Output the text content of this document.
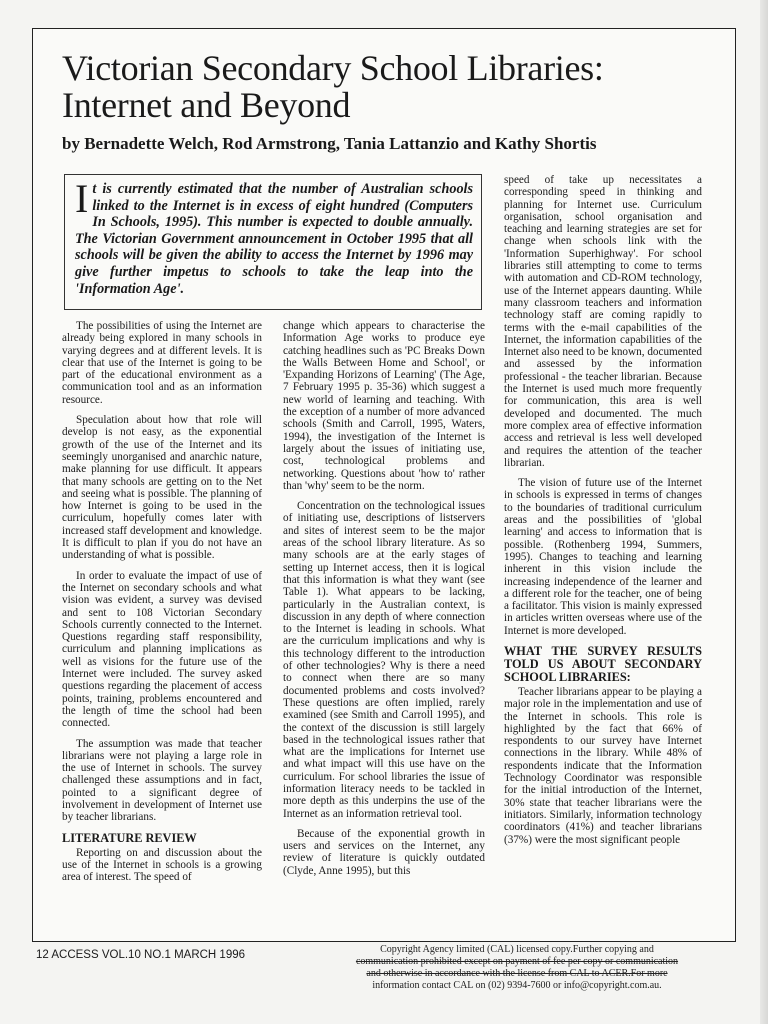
Victorian Secondary School Libraries: Internet and Beyond
by Bernadette Welch, Rod Armstrong, Tania Lattanzio and Kathy Shortis
It is currently estimated that the number of Australian schools linked to the Internet is in excess of eight hundred (Computers In Schools, 1995). This number is expected to double annually. The Victorian Government announcement in October 1995 that all schools will be given the ability to access the Internet by 1996 may give further impetus to schools to take the leap into the 'Information Age'.

The possibilities of using the Internet are already being explored in many schools in varying degrees and at different levels. It is clear that use of the Internet is going to be part of the educational environment as a communication tool and as an information resource.

Speculation about how that role will develop is not easy, as the exponential growth of the use of the Internet and its seemingly unorganised and anarchic nature, make planning for use difficult. It appears that many schools are getting on to the Net and seeing what is possible. The planning of how Internet is going to be used in the curriculum, hopefully comes later with increased staff development and knowledge. It is difficult to plan if you do not have an understanding of what is possible.

In order to evaluate the impact of use of the Internet on secondary schools and what vision was evident, a survey was devised and sent to 108 Victorian Secondary Schools currently connected to the Internet. Questions regarding staff responsibility, curriculum and planning implications as well as visions for the future use of the Internet were included. The survey asked questions regarding the placement of access points, training, problems encountered and the length of time the school had been connected.

The assumption was made that teacher librarians were not playing a large role in the use of Internet in schools. The survey challenged these assumptions and in fact, pointed to a significant degree of involvement in development of Internet use by teacher librarians.

LITERATURE REVIEW

Reporting on and discussion about the use of the Internet in schools is a growing area of interest. The speed of

change which appears to characterise the Information Age works to produce eye catching headlines such as 'PC Breaks Down the Walls Between Home and School', or 'Expanding Horizons of Learning' (The Age, 7 February 1995 p. 35-36) which suggest a new world of learning and teaching. With the exception of a number of more advanced schools (Smith and Carroll, 1995, Waters, 1994), the investigation of the Internet is largely about the issues of initiating use, cost, technological problems and networking. Questions about 'how to' rather than 'why' seem to be the norm.

Concentration on the technological issues of initiating use, descriptions of listservers and sites of interest seem to be the major areas of the school library literature. As so many schools are at the early stages of setting up Internet access, then it is logical that this information is what they want (see Table 1). What appears to be lacking, particularly in the Australian context, is discussion in any depth of where connection to the Internet is leading in schools. What are the curriculum implications and why is this technology different to the introduction of other technologies? Why is there a need to connect when there are so many documented problems and costs involved? These questions are often implied, rarely examined (see Smith and Carroll 1995), and the context of the discussion is still largely based in the technological issues rather that what are the implications for Internet use and what impact will this use have on the curriculum. For school libraries the issue of information literacy needs to be tackled in more depth as this underpins the use of the Internet as an information retrieval tool.

Because of the exponential growth in users and services on the Internet, any review of literature is quickly outdated (Clyde, Anne 1995), but this

speed of take up necessitates a corresponding speed in thinking and planning for Internet use. Curriculum organisation, school organisation and teaching and learning strategies are set for change when schools link with the 'Information Superhighway'. For school libraries still attempting to come to terms with automation and CD-ROM technology, use of the Internet appears daunting. While many classroom teachers and information technology staff are coming rapidly to terms with the e-mail capabilities of the Internet, the information capabilities of the Internet also need to be known, documented and assessed by the information professional - the teacher librarian. Because the Internet is used much more frequently for communication, this area is well developed and documented. The much more complex area of effective information access and retrieval is less well developed and requires the attention of the teacher librarian.

The vision of future use of the Internet in schools is expressed in terms of changes to the boundaries of traditional curriculum areas and the possibilities of 'global learning' and access to information that is possible. (Rothenberg 1994, Summers, 1995). Changes to teaching and learning inherent in this vision include the increasing independence of the learner and a different role for the teacher, one of being a facilitator. This vision is mainly expressed in articles written overseas where use of the Internet is more developed.

WHAT THE SURVEY RESULTS TOLD US ABOUT SECONDARY SCHOOL LIBRARIES:

Teacher librarians appear to be playing a major role in the implementation and use of the Internet in schools. This role is highlighted by the fact that 66% of respondents to our survey have Internet connections in the library. While 48% of respondents indicate that the Information Technology Coordinator was responsible for the initial introduction of the Internet, 30% state that teacher librarians were the initiators. Similarly, information technology coordinators (41%) and teacher librarians (37%) were the most significant people

12 ACCESS VOL.10 NO.1 MARCH 1996	Copyright Agency limited (CAL) licensed copy.Further copying and
communication prohibited except on payment of fee per copy or communication
and otherwise in accordance with the license from CAL to ACER.For more
information contact CAL on (02) 9394-7600 or info@copyright.com.au.
